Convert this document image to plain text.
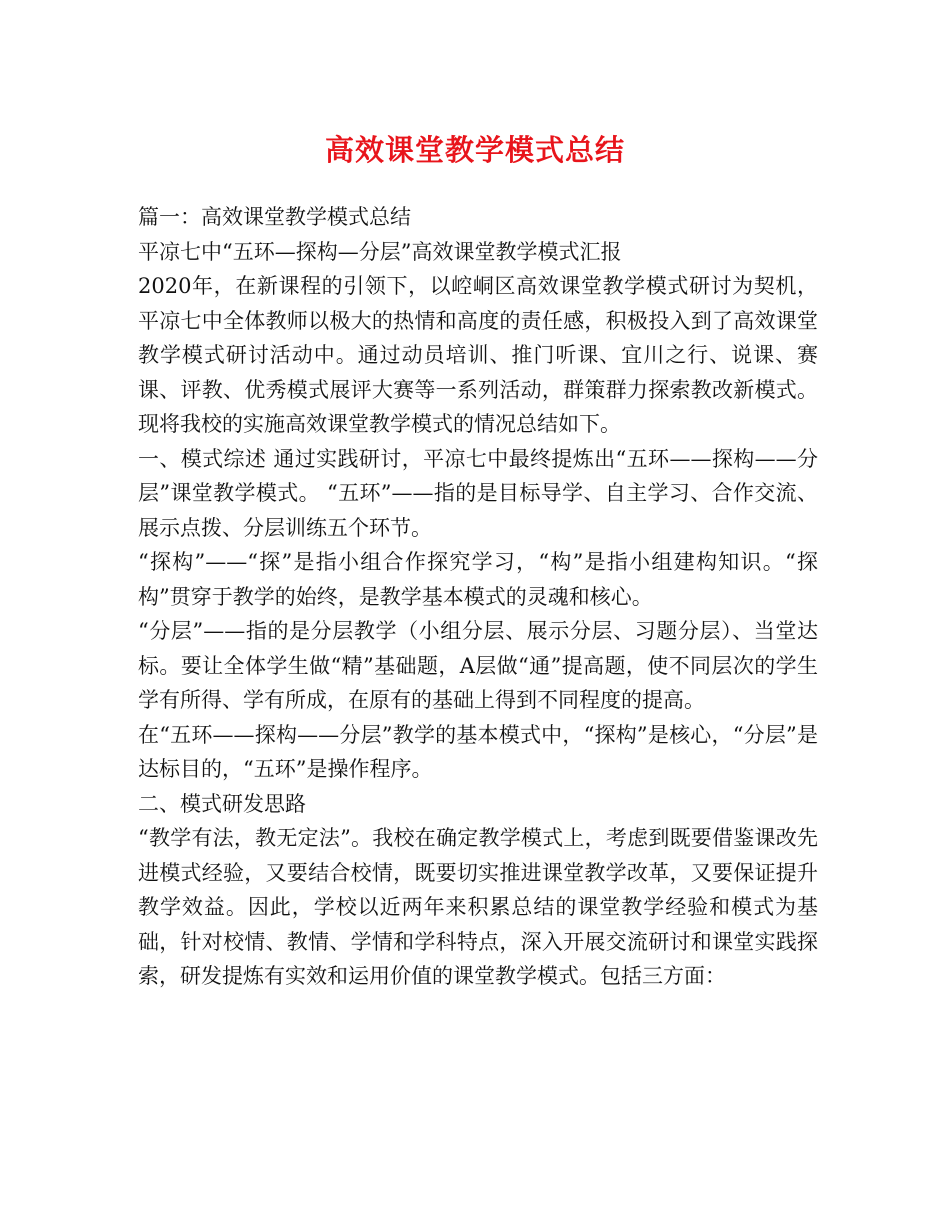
高效课堂教学模式总结

篇一：高效课堂教学模式总结

平凉七中“五环—探构—分层”高效课堂教学模式汇报

2020年，在新课程的引领下，以崆峒区高效课堂教学模式研讨为契机，平凉七中全体教师以极大的热情和高度的责任感，积极投入到了高效课堂教学模式研讨活动中。通过动员培训、推门听课、宜川之行、说课、赛课、评教、优秀模式展评大赛等一系列活动，群策群力探索教改新模式。现将我校的实施高效课堂教学模式的情况总结如下。

一、模式综述 通过实践研讨，平凉七中最终提炼出“五环——探构——分层”课堂教学模式。 “五环”——指的是目标导学、自主学习、合作交流、展示点拨、分层训练五个环节。

“探构”——“探”是指小组合作探究学习，“构”是指小组建构知识。“探构”贯穿于教学的始终，是教学基本模式的灵魂和核心。

“分层”——指的是分层教学（小组分层、展示分层、习题分层）、当堂达标。要让全体学生做“精”基础题，A层做“通”提高题，使不同层次的学生学有所得、学有所成，在原有的基础上得到不同程度的提高。

在“五环——探构——分层”教学的基本模式中，“探构”是核心，“分层”是达标目的，“五环”是操作程序。

二、模式研发思路

“教学有法，教无定法”。我校在确定教学模式上，考虑到既要借鉴课改先进模式经验，又要结合校情，既要切实推进课堂教学改革，又要保证提升教学效益。因此，学校以近两年来积累总结的课堂教学经验和模式为基础，针对校情、教情、学情和学科特点，深入开展交流研讨和课堂实践探索，研发提炼有实效和运用价值的课堂教学模式。包括三方面：
